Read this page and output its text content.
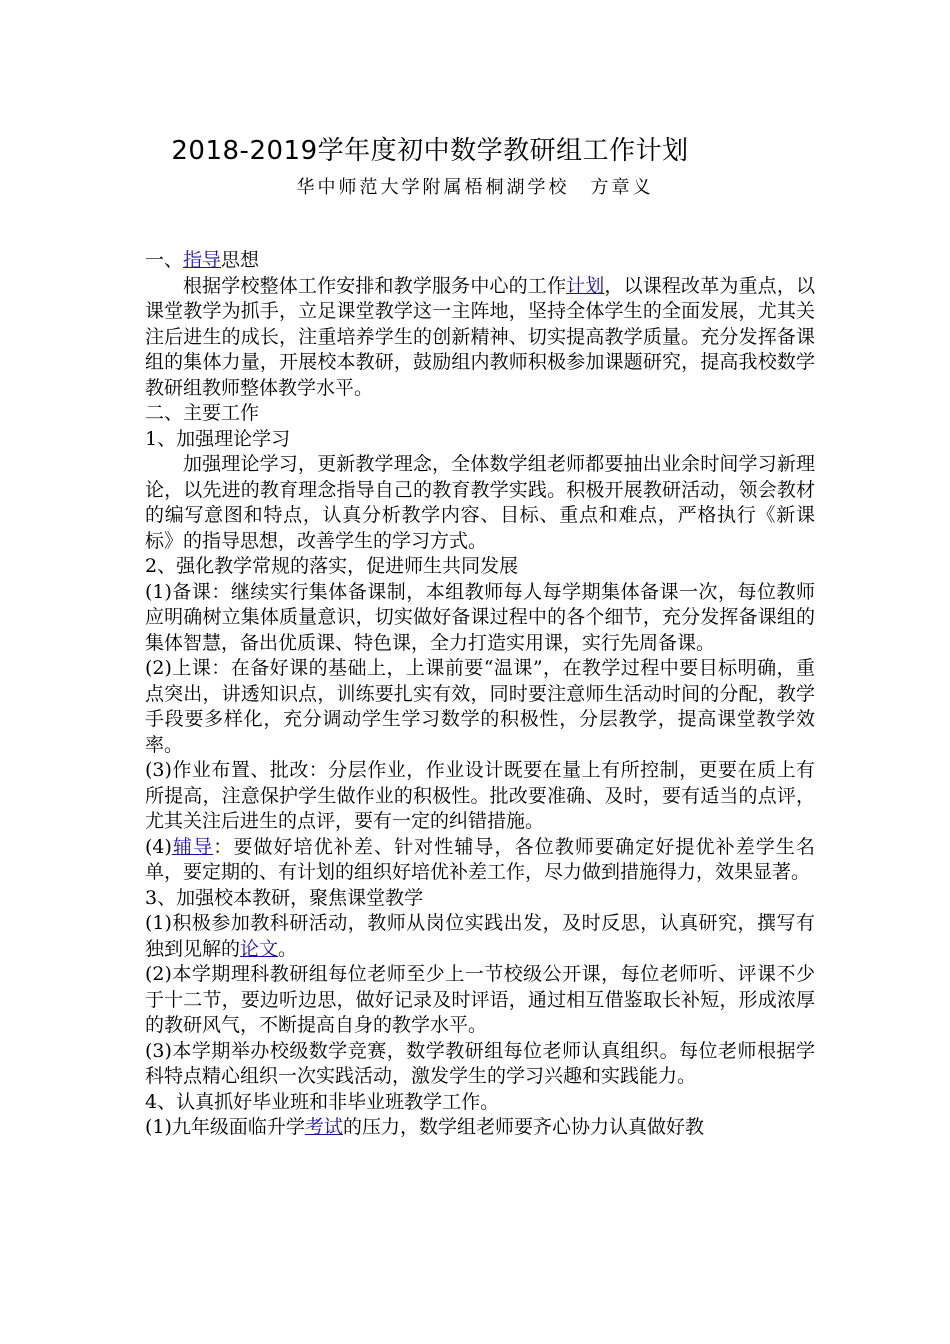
2018-2019学年度初中数学教研组工作计划
华中师范大学附属梧桐湖学校　方章义

一、指导思想

根据学校整体工作安排和教学服务中心的工作计划，以课程改革为重点，以课堂教学为抓手，立足课堂教学这一主阵地，坚持全体学生的全面发展，尤其关注后进生的成长，注重培养学生的创新精神、切实提高教学质量。充分发挥备课组的集体力量，开展校本教研，鼓励组内教师积极参加课题研究，提高我校数学教研组教师整体教学水平。

二、主要工作

1、加强理论学习

加强理论学习，更新教学理念，全体数学组老师都要抽出业余时间学习新理论，以先进的教育理念指导自己的教育教学实践。积极开展教研活动，领会教材的编写意图和特点，认真分析教学内容、目标、重点和难点，严格执行《新课标》的指导思想，改善学生的学习方式。

2、强化教学常规的落实，促进师生共同发展

(1)备课：继续实行集体备课制，本组教师每人每学期集体备课一次，每位教师应明确树立集体质量意识，切实做好备课过程中的各个细节，充分发挥备课组的集体智慧，备出优质课、特色课，全力打造实用课，实行先周备课。

(2)上课：在备好课的基础上，上课前要“温课”，在教学过程中要目标明确，重点突出，讲透知识点，训练要扎实有效，同时要注意师生活动时间的分配，教学手段要多样化，充分调动学生学习数学的积极性，分层教学，提高课堂教学效率。

(3)作业布置、批改：分层作业，作业设计既要在量上有所控制，更要在质上有所提高，注意保护学生做作业的积极性。批改要准确、及时，要有适当的点评，尤其关注后进生的点评，要有一定的纠错措施。

(4)辅导：要做好培优补差、针对性辅导，各位教师要确定好提优补差学生名单，要定期的、有计划的组织好培优补差工作，尽力做到措施得力，效果显著。

3、加强校本教研，聚焦课堂教学

(1)积极参加教科研活动，教师从岗位实践出发，及时反思，认真研究，撰写有独到见解的论文。

(2)本学期理科教研组每位老师至少上一节校级公开课，每位老师听、评课不少于十二节，要边听边思，做好记录及时评语，通过相互借鉴取长补短，形成浓厚的教研风气，不断提高自身的教学水平。

(3)本学期举办校级数学竞赛，数学教研组每位老师认真组织。每位老师根据学科特点精心组织一次实践活动，激发学生的学习兴趣和实践能力。

4、认真抓好毕业班和非毕业班教学工作。

(1)九年级面临升学考试的压力，数学组老师要齐心协力认真做好教
